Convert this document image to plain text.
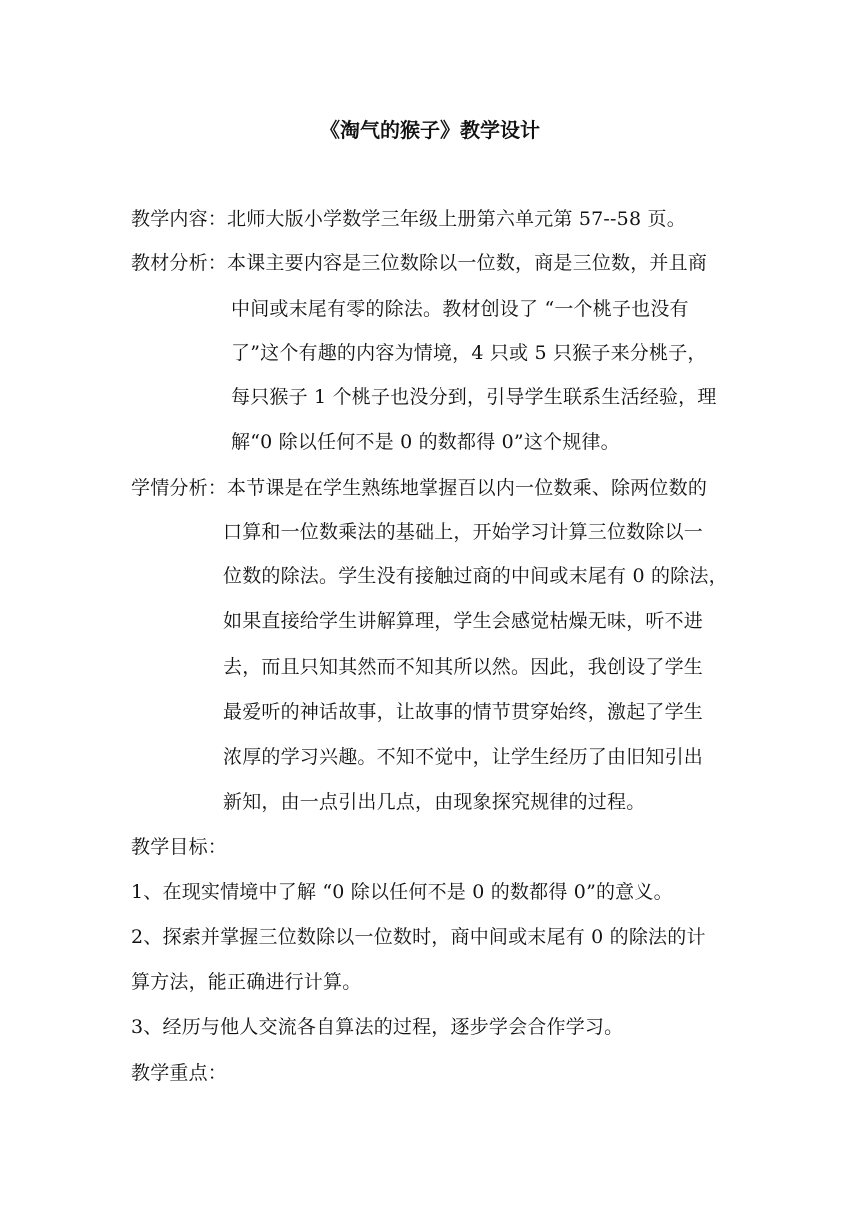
《淘气的猴子》教学设计
教学内容：北师大版小学数学三年级上册第六单元第 57--58 页。
教材分析：本课主要内容是三位数除以一位数，商是三位数，并且商
中间或末尾有零的除法。教材创设了 “一个桃子也没有
了”这个有趣的内容为情境，4 只或 5 只猴子来分桃子，
每只猴子 1 个桃子也没分到，引导学生联系生活经验，理
解“0 除以任何不是 0 的数都得 0”这个规律。
学情分析：本节课是在学生熟练地掌握百以内一位数乘、除两位数的
口算和一位数乘法的基础上，开始学习计算三位数除以一
位数的除法。学生没有接触过商的中间或末尾有 0 的除法，
如果直接给学生讲解算理，学生会感觉枯燥无味，听不进
去，而且只知其然而不知其所以然。因此，我创设了学生
最爱听的神话故事，让故事的情节贯穿始终，激起了学生
浓厚的学习兴趣。不知不觉中，让学生经历了由旧知引出
新知，由一点引出几点，由现象探究规律的过程。
教学目标：
1、在现实情境中了解 “0 除以任何不是 0 的数都得 0”的意义。
2、探索并掌握三位数除以一位数时，商中间或末尾有 0 的除法的计
算方法，能正确进行计算。
3、经历与他人交流各自算法的过程，逐步学会合作学习。
教学重点：
